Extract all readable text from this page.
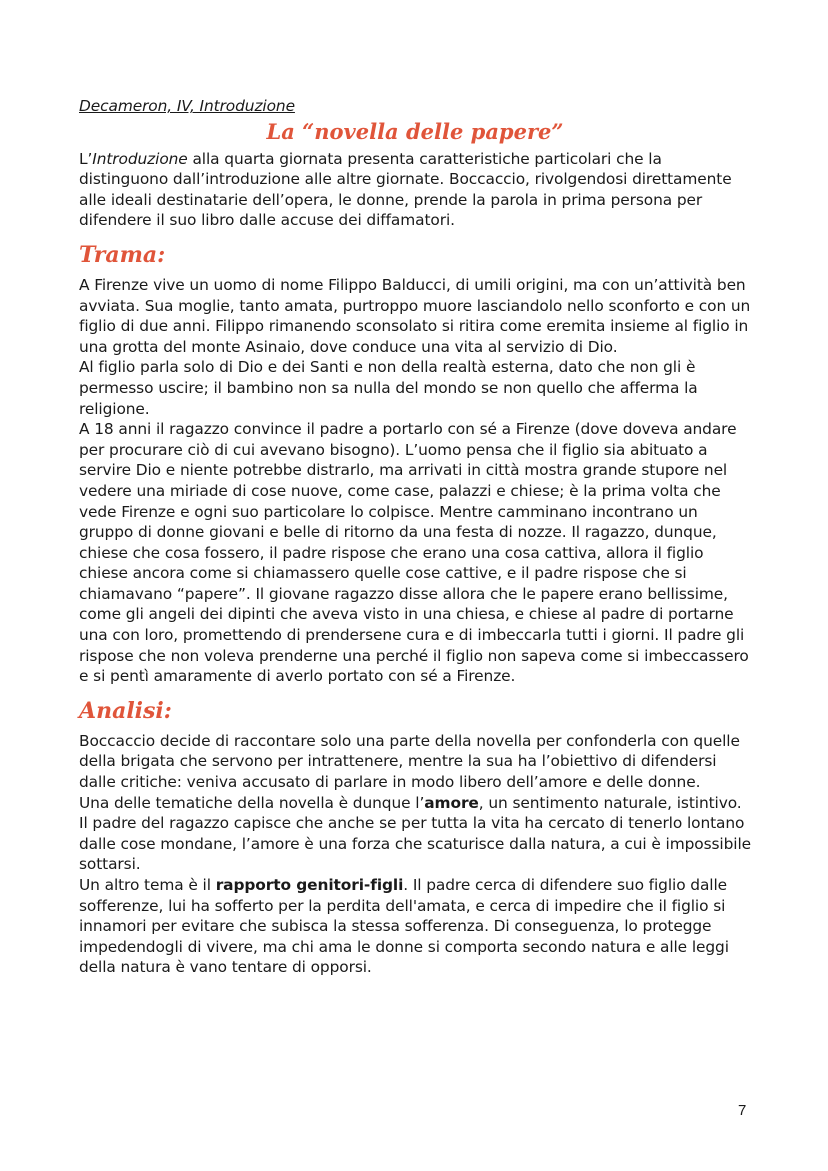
Decameron, IV, Introduzione

La “novella delle papere”

L’Introduzione alla quarta giornata presenta caratteristiche particolari che la distinguono dall’introduzione alle altre giornate. Boccaccio, rivolgendosi direttamente alle ideali destinatarie dell’opera, le donne, prende la parola in prima persona per difendere il suo libro dalle accuse dei diffamatori.

Trama:

A Firenze vive un uomo di nome Filippo Balducci, di umili origini, ma con un’attività ben avviata. Sua moglie, tanto amata, purtroppo muore lasciandolo nello sconforto e con un figlio di due anni. Filippo rimanendo sconsolato si ritira come eremita insieme al figlio in una grotta del monte Asinaio, dove conduce una vita al servizio di Dio.

Al figlio parla solo di Dio e dei Santi e non della realtà esterna, dato che non gli è permesso uscire; il bambino non sa nulla del mondo se non quello che afferma la religione.

A 18 anni il ragazzo convince il padre a portarlo con sé a Firenze (dove doveva andare per procurare ciò di cui avevano bisogno). L’uomo pensa che il figlio sia abituato a servire Dio e niente potrebbe distrarlo, ma arrivati in città mostra grande stupore nel vedere una miriade di cose nuove, come case, palazzi e chiese; è la prima volta che vede Firenze e ogni suo particolare lo colpisce. Mentre camminano incontrano un gruppo di donne giovani e belle di ritorno da una festa di nozze. Il ragazzo, dunque, chiese che cosa fossero, il padre rispose che erano una cosa cattiva, allora il figlio chiese ancora come si chiamassero quelle cose cattive, e il padre rispose che si chiamavano “papere”. Il giovane ragazzo disse allora che le papere erano bellissime, come gli angeli dei dipinti che aveva visto in una chiesa, e chiese al padre di portarne una con loro, promettendo di prendersene cura e di imbeccarla tutti i giorni. Il padre gli rispose che non voleva prenderne una perché il figlio non sapeva come si imbeccassero e si pentì amaramente di averlo portato con sé a Firenze.

Analisi:

Boccaccio decide di raccontare solo una parte della novella per confonderla con quelle della brigata che servono per intrattenere, mentre la sua ha l’obiettivo di difendersi dalle critiche: veniva accusato di parlare in modo libero dell’amore e delle donne.

Una delle tematiche della novella è dunque l’amore, un sentimento naturale, istintivo. Il padre del ragazzo capisce che anche se per tutta la vita ha cercato di tenerlo lontano dalle cose mondane, l’amore è una forza che scaturisce dalla natura, a cui è impossibile sottarsi.

Un altro tema è il rapporto genitori-figli. Il padre cerca di difendere suo figlio dalle sofferenze, lui ha sofferto per la perdita dell'amata, e cerca di impedire che il figlio si innamori per evitare che subisca la stessa sofferenza. Di conseguenza, lo protegge impedendogli di vivere, ma chi ama le donne si comporta secondo natura e alle leggi della natura è vano tentare di opporsi.

7
